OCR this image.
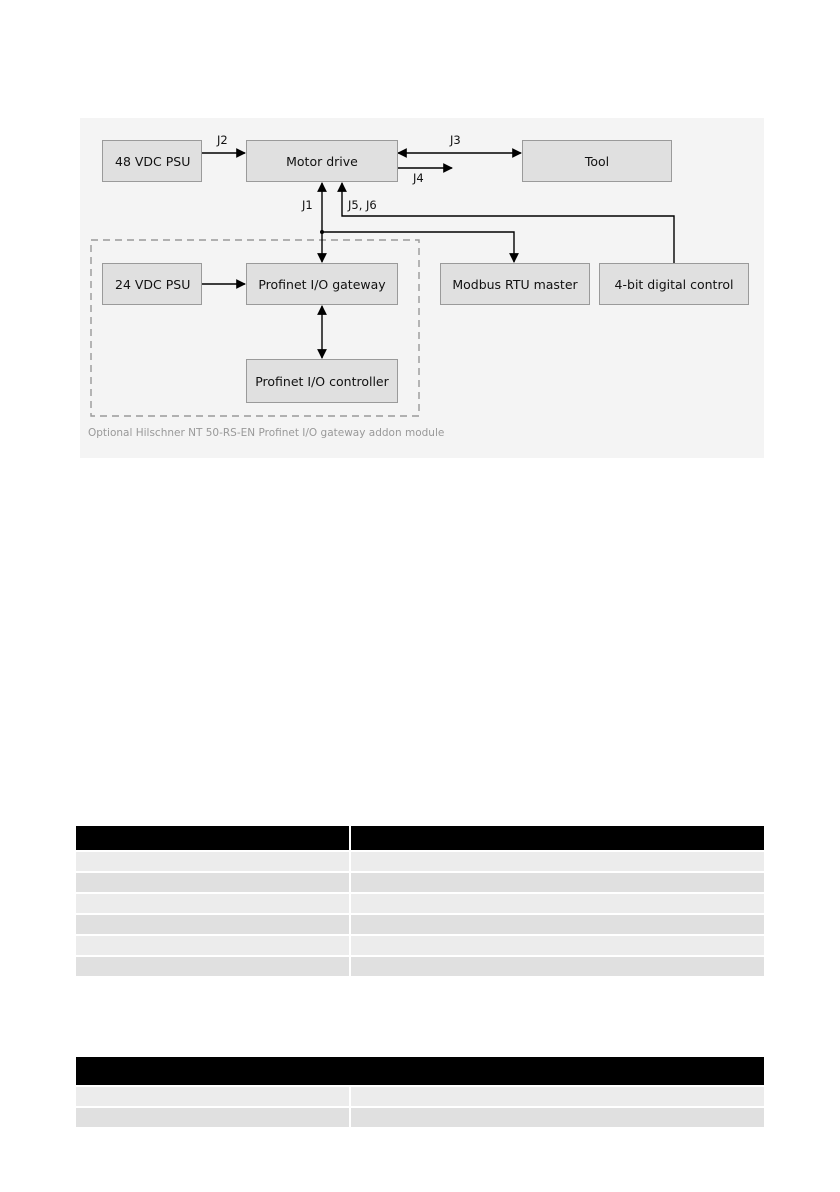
48 VDC PSU	Motor drive	Tool
24 VDC PSU	Profinet I/O gateway	Modbus RTU master	4-bit digital control
Profinet I/O controller
J2	J3
J4
J1	J5, J6
Optional Hilschner NT 50-RS-EN Profinet I/O gateway addon module
